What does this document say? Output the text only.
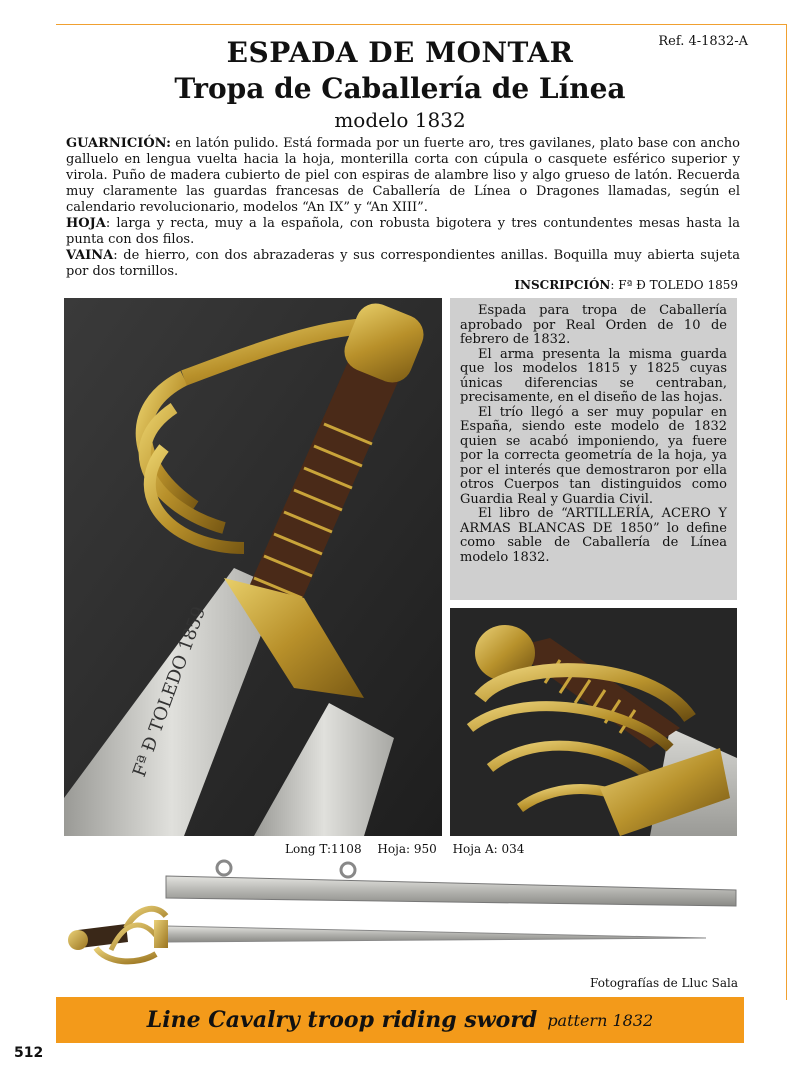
Ref. 4-1832-A
ESPADA DE MONTAR
Tropa de Caballería de Línea
modelo 1832

GUARNICIÓN: en latón pulido. Está formada por un fuerte aro, tres gavilanes, plato base con ancho galluelo en lengua vuelta hacia la hoja, monterilla corta con cúpula o casquete esférico superior y virola. Puño de madera cubierto de piel con espiras de alambre liso y algo grueso de latón. Recuerda muy claramente las guardas francesas de Caballería de Línea o Dragones llamadas, según el calendario revolucionario, modelos “An IX” y “An XIII”.

HOJA: larga y recta, muy a la española, con robusta bigotera y tres contundentes mesas hasta la punta con dos filos.

VAINA: de hierro, con dos abrazaderas y sus correspondientes anillas. Boquilla muy abierta sujeta por dos tornillos.

INSCRIPCIÓN: Fª Ð TOLEDO 1859
Fª Ð TOLEDO 1859

Espada para tropa de Caballería aprobado por Real Orden de 10 de febrero de 1832.

El arma presenta la misma guarda que los modelos 1815 y 1825 cuyas únicas diferencias se centraban, precisamente, en el diseño de las hojas.

El trío llegó a ser muy popular en España, siendo este modelo de 1832 quien se acabó imponiendo, ya fuere por la correcta geometría de la hoja, ya por el interés que demostraron por ella otros Cuerpos tan distinguidos como Guardia Real y Guardia Civil.

El libro de “ARTILLERÍA, ACERO Y ARMAS BLANCAS DE 1850” lo define como sable de Caballería de Línea modelo 1832.

Long T:1108 Hoja: 950 Hoja A: 034
Fotografías de Lluc Sala
Line Cavalry troop riding sword pattern 1832
512
